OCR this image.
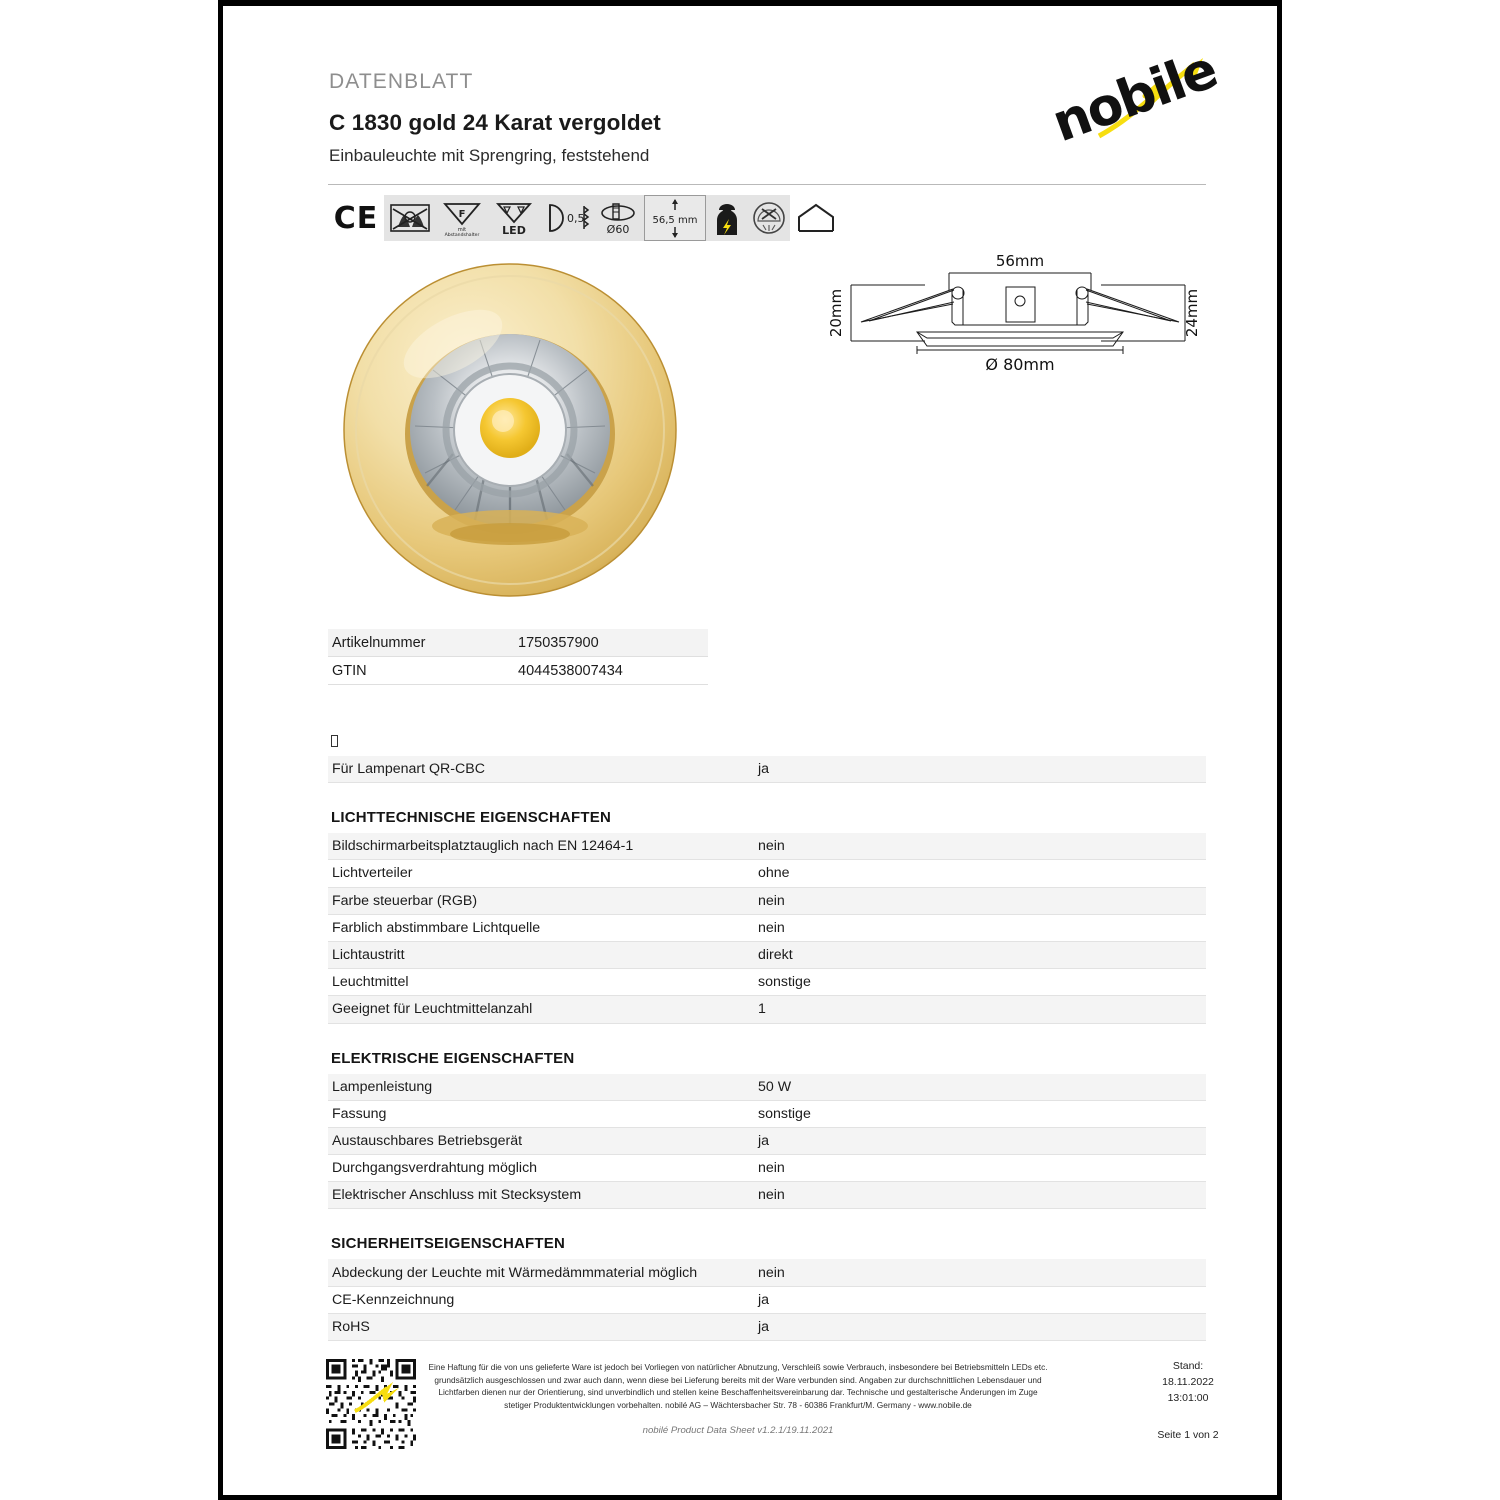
DATENBLATT
C 1830 gold 24 Karat vergoldet
Einbauleuchte mit Sprengring, feststehend
nobile
CE	F
mit
Abstandshalter LED
0,5
Ø60
56,5 mm
56mm
20mm	24mm
Ø 80mm
Artikelnummer	1750357900
GTIN	4044538007434
Für Lampenart QR-CBC	ja
LICHTTECHNISCHE EIGENSCHAFTEN
Bildschirmarbeitsplatztauglich nach EN 12464-1	nein
Lichtverteiler	ohne
Farbe steuerbar (RGB)	nein
Farblich abstimmbare Lichtquelle	nein
Lichtaustritt	direkt
Leuchtmittel	sonstige
Geeignet für Leuchtmittelanzahl	1
ELEKTRISCHE EIGENSCHAFTEN
Lampenleistung	50 W
Fassung	sonstige
Austauschbares Betriebsgerät	ja
Durchgangsverdrahtung möglich	nein
Elektrischer Anschluss mit Stecksystem	nein
SICHERHEITSEIGENSCHAFTEN
Abdeckung der Leuchte mit Wärmedämmmaterial möglich	nein
CE-Kennzeichnung	ja
RoHS	ja
Eine Haftung für die von uns gelieferte Ware ist jedoch bei Vorliegen von natürlicher Abnutzung, Verschleiß sowie Verbrauch, insbesondere bei Betriebsmitteln LEDs etc. grundsätzlich ausgeschlossen und zwar auch dann, wenn diese bei Lieferung bereits mit der Ware verbunden sind. Angaben zur durchschnittlichen Lebensdauer und Lichtfarben dienen nur der Orientierung, sind unverbindlich und stellen keine Beschaffenheitsvereinbarung dar. Technische und gestalterische Änderungen im Zuge stetiger Produktentwicklungen vorbehalten. nobilé AG – Wächtersbacher Str. 78 - 60386 Frankfurt/M. Germany - www.nobile.de
Stand:
18.11.2022
13:01:00
Seite 1 von 2
nobilé Product Data Sheet v1.2.1/19.11.2021
